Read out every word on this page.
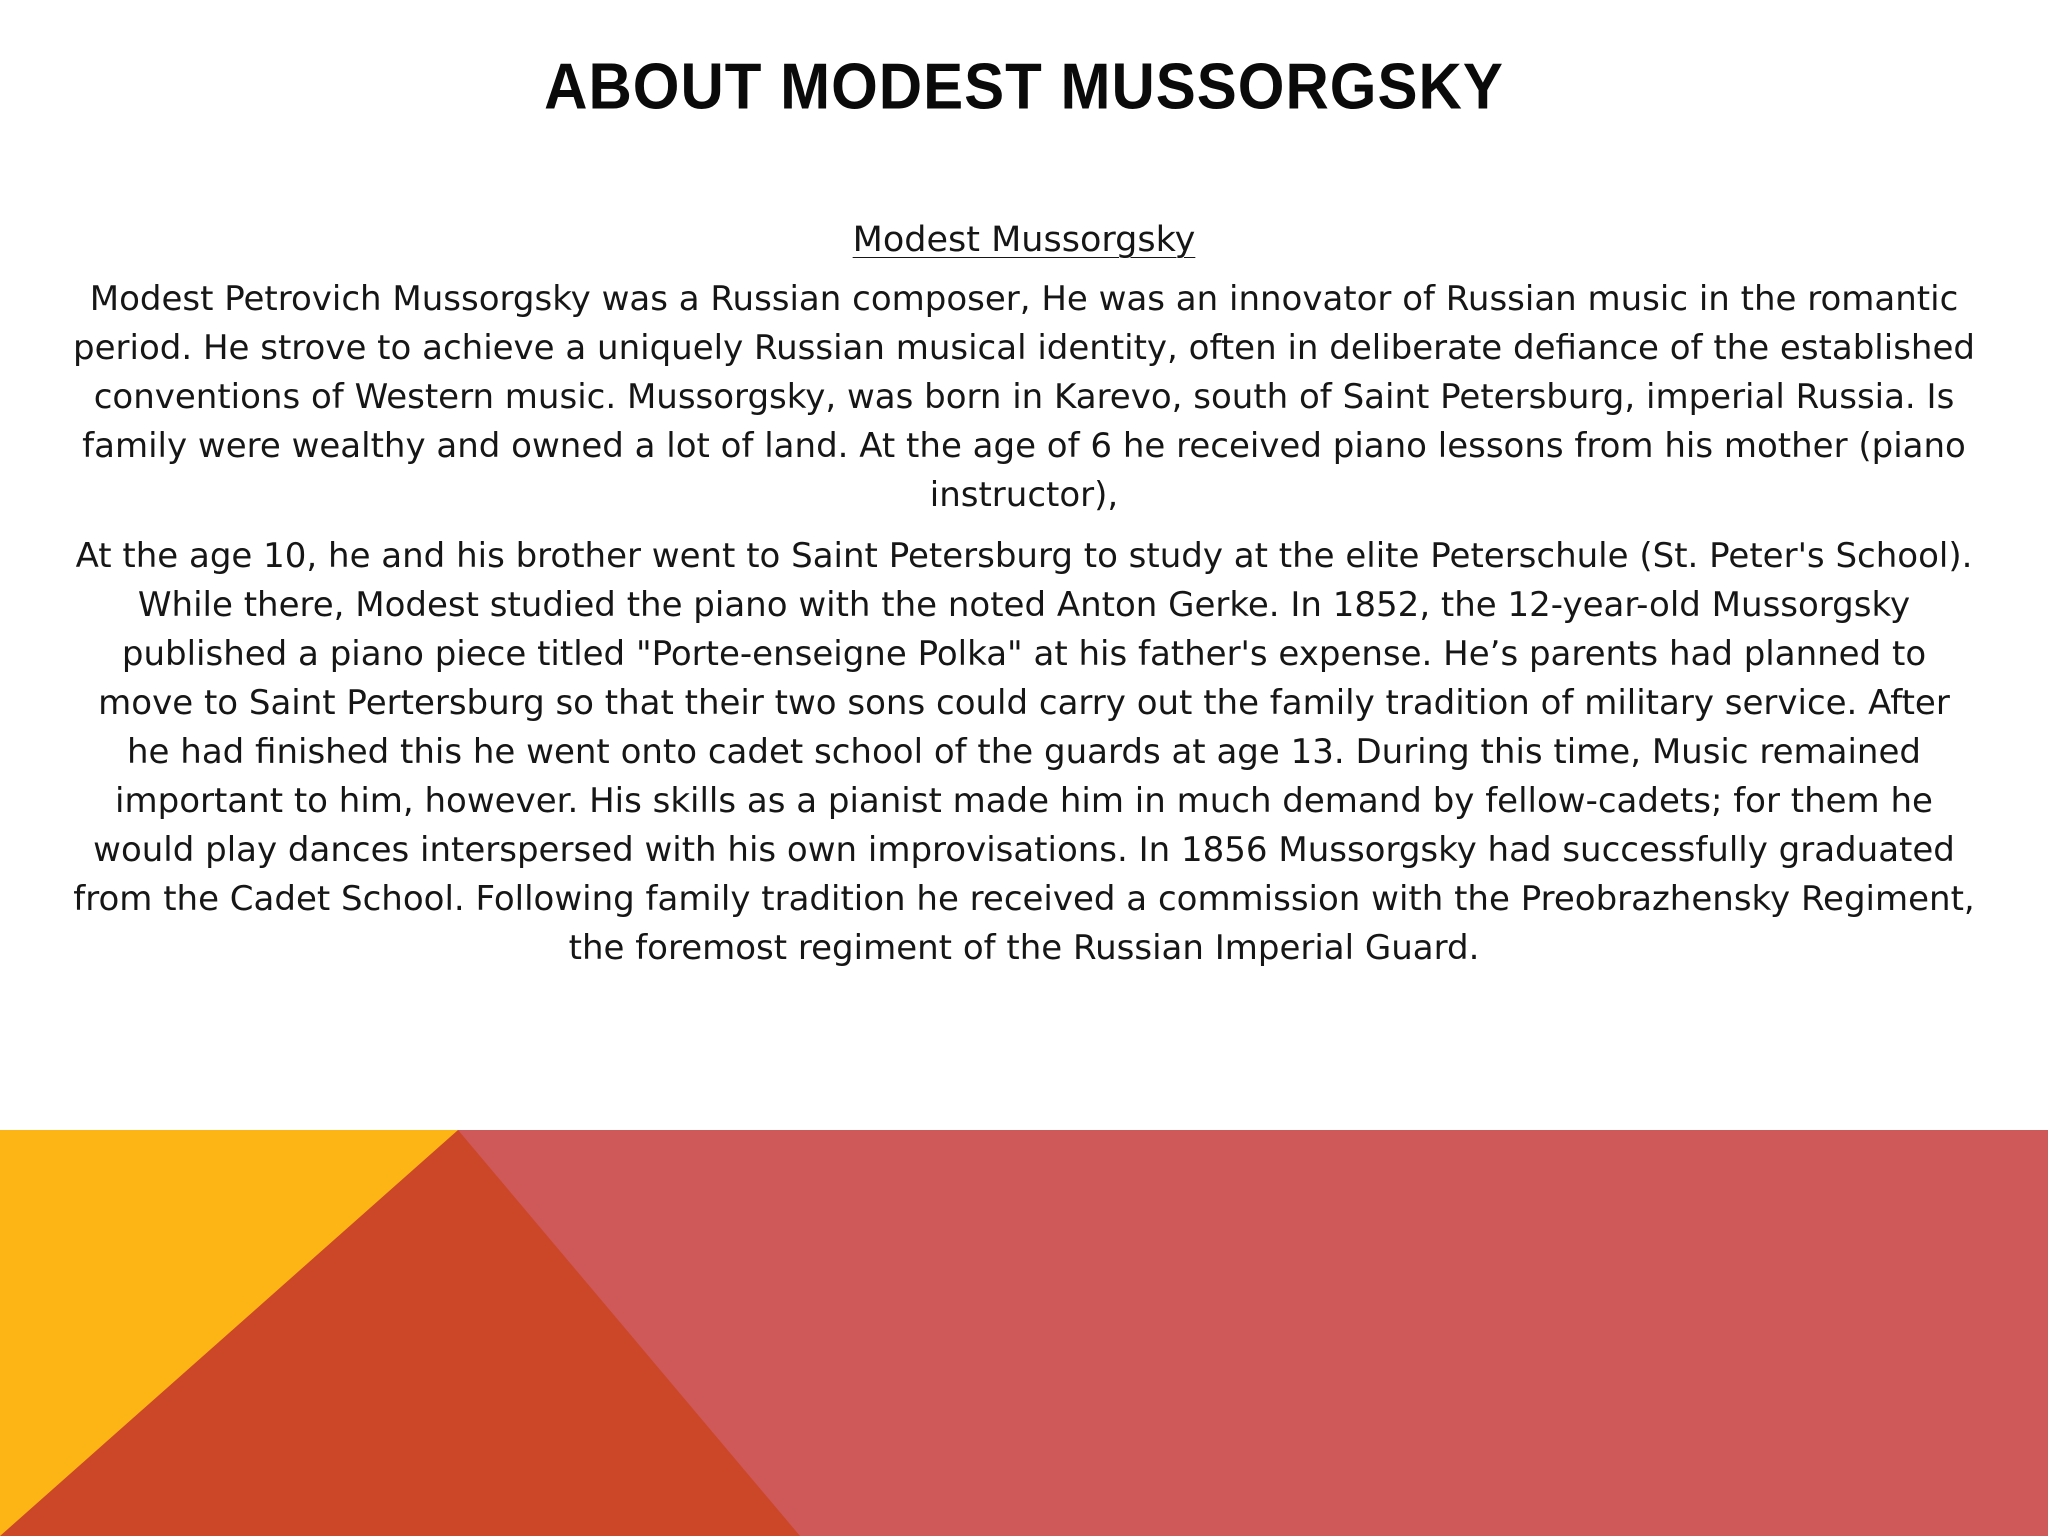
ABOUT MODEST MUSSORGSKY
Modest Mussorgsky

Modest Petrovich Mussorgsky was a Russian composer, He was an innovator of Russian music in the romantic period. He strove to achieve a uniquely Russian musical identity, often in deliberate defiance of the established conventions of Western music. Mussorgsky, was born in Karevo, south of Saint Petersburg, imperial Russia. Is family were wealthy and owned a lot of land. At the age of 6 he received piano lessons from his mother (piano instructor),

At the age 10, he and his brother went to Saint Petersburg to study at the elite Peterschule (St. Peter's School). While there, Modest studied the piano with the noted Anton Gerke. In 1852, the 12-year-old Mussorgsky published a piano piece titled "Porte-enseigne Polka" at his father's expense. He’s parents had planned to move to Saint Pertersburg so that their two sons could carry out the family tradition of military service. After he had finished this he went onto cadet school of the guards at age 13. During this time, Music remained important to him, however. His skills as a pianist made him in much demand by fellow-cadets; for them he would play dances interspersed with his own improvisations. In 1856 Mussorgsky had successfully graduated from the Cadet School. Following family tradition he received a commission with the Preobrazhensky Regiment, the foremost regiment of the Russian Imperial Guard.
